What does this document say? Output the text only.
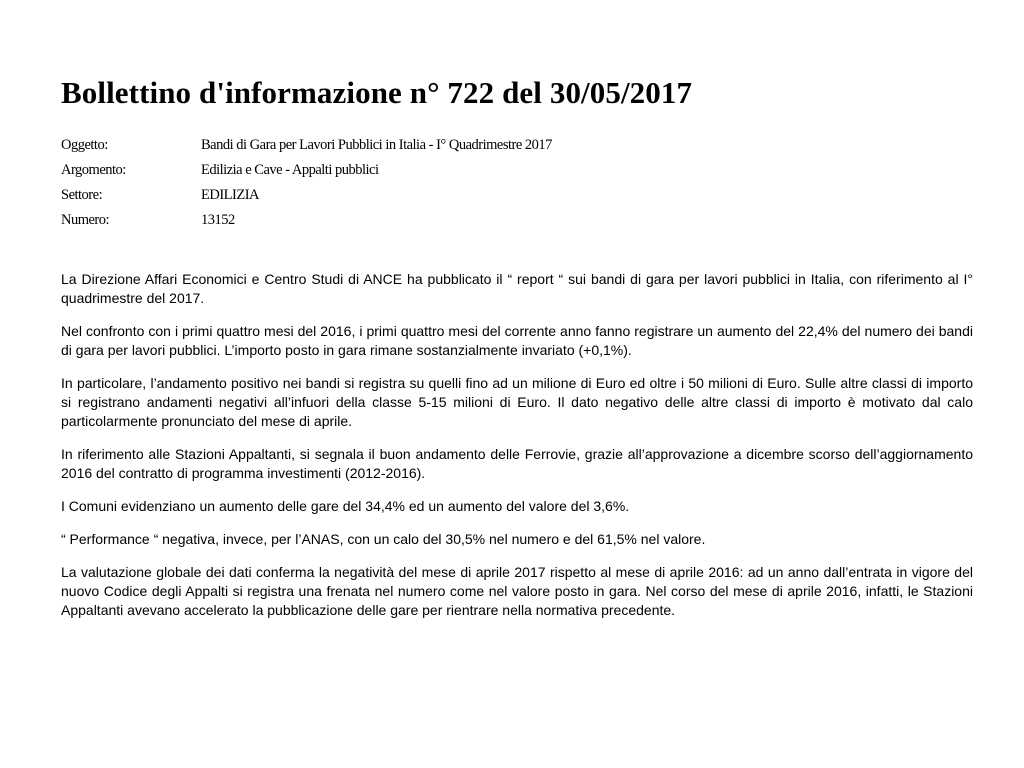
Bollettino d'informazione n° 722 del 30/05/2017
Oggetto:	Bandi di Gara per Lavori Pubblici in Italia - I° Quadrimestre 2017
Argomento:	Edilizia e Cave - Appalti pubblici
Settore:	EDILIZIA
Numero:	13152

La Direzione Affari Economici e Centro Studi di ANCE ha pubblicato il “ report “ sui bandi di gara per lavori pubblici in Italia, con riferimento al I° quadrimestre del 2017.

Nel confronto con i primi quattro mesi del 2016, i primi quattro mesi del corrente anno fanno registrare un aumento del 22,4% del numero dei bandi di gara per lavori pubblici. L’importo posto in gara rimane sostanzialmente invariato (+0,1%).

In particolare, l’andamento positivo nei bandi si registra su quelli fino ad un milione di Euro ed oltre i 50 milioni di Euro. Sulle altre classi di importo si registrano andamenti negativi all’infuori della classe 5-15 milioni di Euro. Il dato negativo delle altre classi di importo è motivato dal calo particolarmente pronunciato del mese di aprile.

In riferimento alle Stazioni Appaltanti, si segnala il buon andamento delle Ferrovie, grazie all’approvazione a dicembre scorso dell’aggiornamento 2016 del contratto di programma investimenti (2012-2016).

I Comuni evidenziano un aumento delle gare del 34,4% ed un aumento del valore del 3,6%.

“ Performance “ negativa, invece, per l’ANAS, con un calo del 30,5% nel numero e del 61,5% nel valore.

La valutazione globale dei dati conferma la negatività del mese di aprile 2017 rispetto al mese di aprile 2016: ad un anno dall’entrata in vigore del nuovo Codice degli Appalti si registra una frenata nel numero come nel valore posto in gara. Nel corso del mese di aprile 2016, infatti, le Stazioni Appaltanti avevano accelerato la pubblicazione delle gare per rientrare nella normativa precedente.
